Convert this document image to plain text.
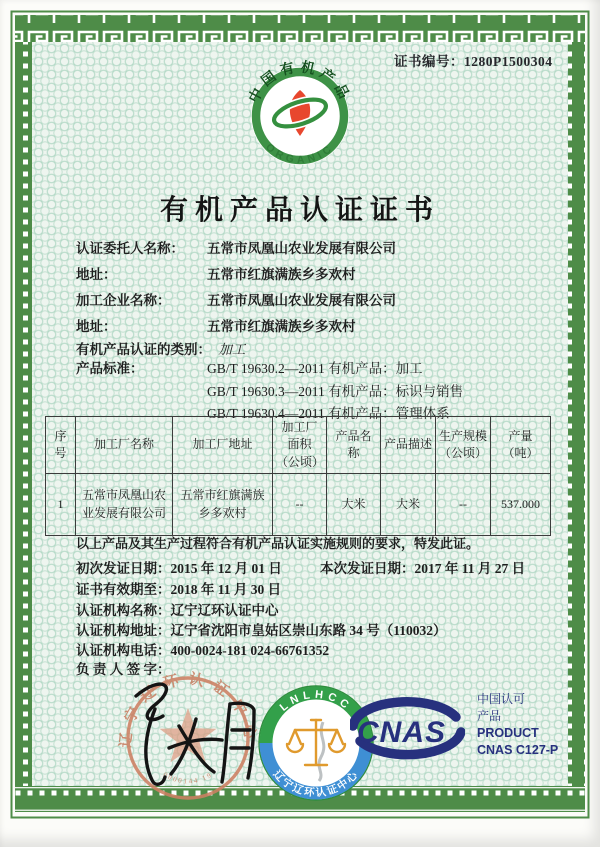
证书编号：1280P1500304
中国有机产品
ORGANIC
有机产品认证证书
认证委托人名称： 五常市凤凰山农业发展有限公司
地址：	五常市红旗满族乡多欢村
加工企业名称：	五常市凤凰山农业发展有限公司
地址：	五常市红旗满族乡多欢村
有机产品认证的类别： 加工
产品标准：	GB/T 19630.2—2011 有机产品：加工
GB/T 19630.3—2011 有机产品：标识与销售
GB/T 19630.4—2011 有机产品：管理体系
序号	加工厂名称	加工厂地址	加工厂面积（公顷）	产品名称	产品描述	生产规模（公顷）	产量（吨）
1	五常市凤凰山农业发展有限公司	五常市红旗满族乡多欢村	--	大米	大米	--	537.000
以上产品及其生产过程符合有机产品认证实施规则的要求，特发此证。
初次发证日期：2015 年 12 月 01 日	本次发证日期：2017 年 11 月 27 日
证书有效期至：2018 年 11 月 30 日
认证机构名称：辽宁辽环认证中心
认证机构地址：辽宁省沈阳市皇姑区崇山东路 34 号（110032）
认证机构电话：400-0024-181 024-66761352
负 责 人 签 字：
辽宁辽环认证中心
0000144 19
LNLHCC
辽宁辽环认证中心
CNAS
中国认可
产品
PRODUCT
CNAS C127-P
